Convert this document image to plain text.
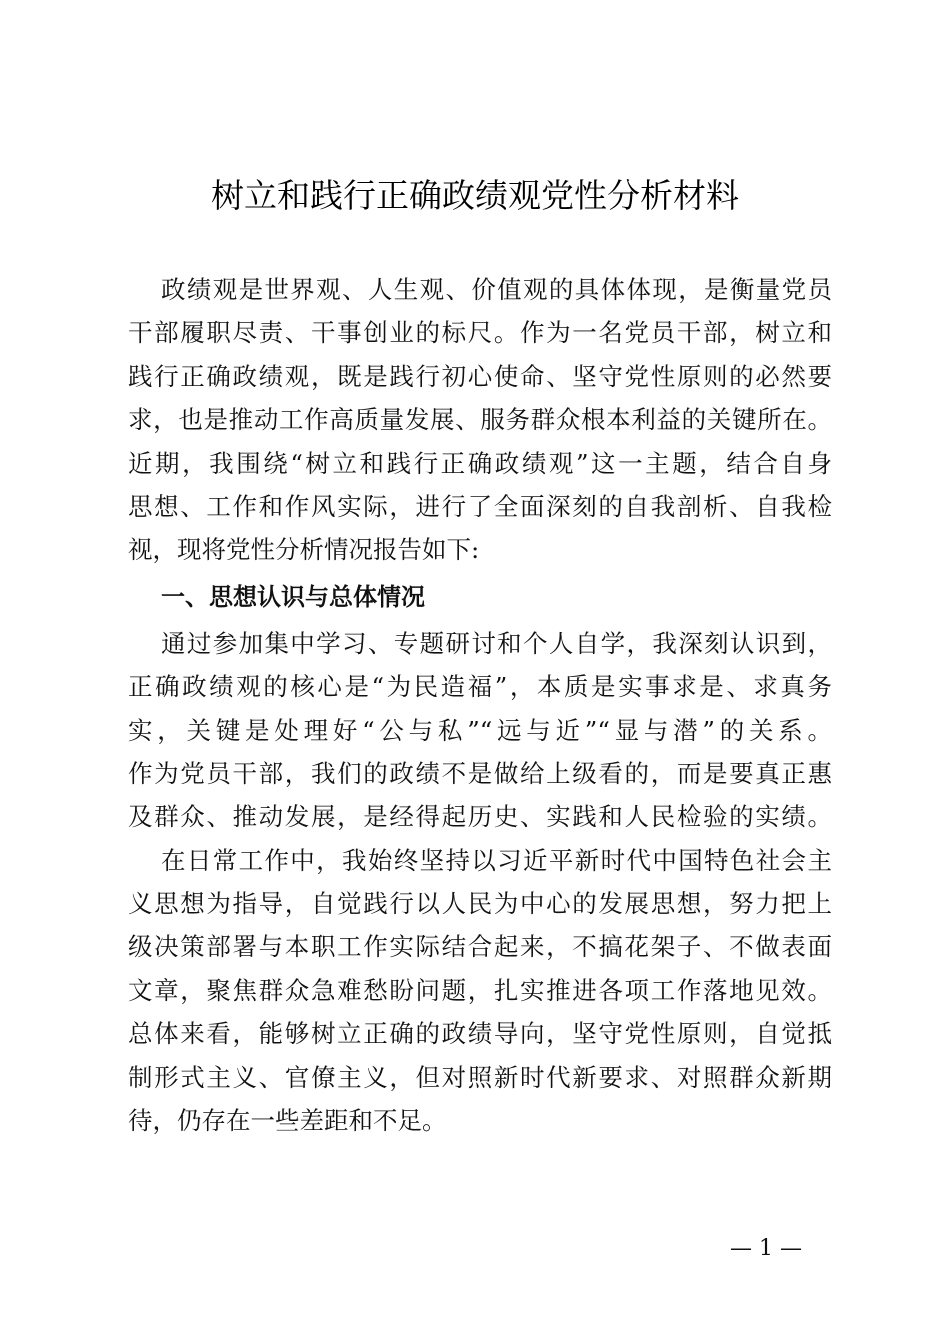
树立和践行正确政绩观党性分析材料
政绩观是世界观、人生观、价值观的具体体现，是衡量党员
干部履职尽责、干事创业的标尺。作为一名党员干部，树立和
践行正确政绩观，既是践行初心使命、坚守党性原则的必然要
求，也是推动工作高质量发展、服务群众根本利益的关键所在。
近期，我围绕“树立和践行正确政绩观”这一主题，结合自身
思想、工作和作风实际，进行了全面深刻的自我剖析、自我检
视，现将党性分析情况报告如下:
一、思想认识与总体情况
通过参加集中学习、专题研讨和个人自学，我深刻认识到，
正确政绩观的核心是“为民造福”，本质是实事求是、求真务
实，关键是处理好“公与私”“远与近”“显与潜”的关系。
作为党员干部，我们的政绩不是做给上级看的，而是要真正惠
及群众、推动发展，是经得起历史、实践和人民检验的实绩。
在日常工作中，我始终坚持以习近平新时代中国特色社会主
义思想为指导，自觉践行以人民为中心的发展思想，努力把上
级决策部署与本职工作实际结合起来，不搞花架子、不做表面
文章，聚焦群众急难愁盼问题，扎实推进各项工作落地见效。
总体来看，能够树立正确的政绩导向，坚守党性原则，自觉抵
制形式主义、官僚主义，但对照新时代新要求、对照群众新期
待，仍存在一些差距和不足。
— 1 —
